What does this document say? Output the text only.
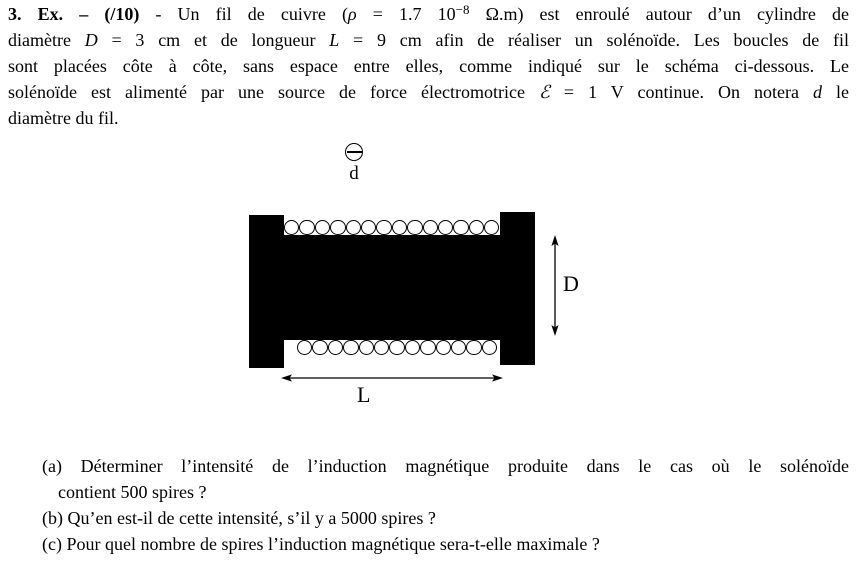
3. Ex. – (/10) - Un fil de cuivre (ρ = 1.7 $10^{-8}$ Ω.m) est enroulé autour d’un cylindre de
diamètre D = 3 cm et de longueur L = 9 cm afin de réaliser un solénoïde. Les boucles de fil
sont placées côte à côte, sans espace entre elles, comme indiqué sur le schéma ci-dessous. Le
solénoïde est alimenté par une source de force électromotrice ℰ = 1 V continue. On notera d le
diamètre du fil.
d
D
L
(a) Déterminer l’intensité de l’induction magnétique produite dans le cas où le solénoïde
contient 500 spires ?
(b) Qu’en est-il de cette intensité, s’il y a 5000 spires ?
(c) Pour quel nombre de spires l’induction magnétique sera-t-elle maximale ?
